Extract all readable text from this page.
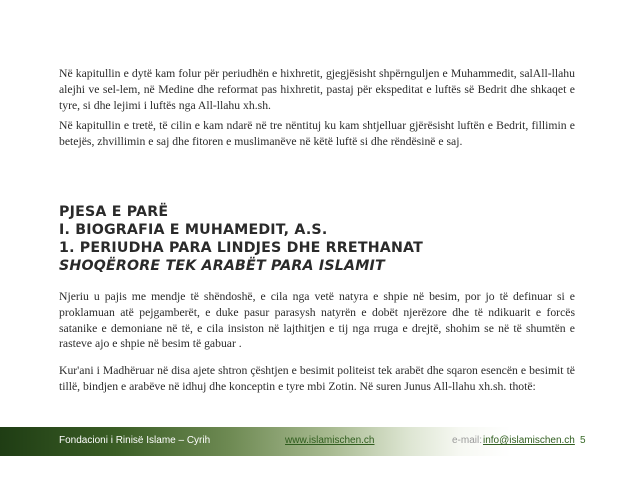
Në kapitullin e dytë kam folur për periudhën e hixhretit, gjegjësisht shpërnguljen e Muhammedit, salAll-llahu alejhi ve sel-lem, në Medine dhe reformat pas hixhretit, pastaj për ekspeditat e luftës së Bedrit dhe shkaqet e tyre, si dhe lejimi i luftës nga All-llahu xh.sh.

Në kapitullin e tretë, të cilin e kam ndarë në tre nëntituj ku kam shtjelluar gjërësisht luftën e Bedrit, fillimin e betejës, zhvillimin e saj dhe fitoren e muslimanëve në këtë luftë si dhe rëndësinë e saj.

PJESA E PARË
I. BIOGRAFIA E MUHAMEDIT, A.S.
1. PERIUDHA PARA LINDJES DHE RRETHANAT
SHOQËRORE TEK ARABËT PARA ISLAMIT

Njeriu u pajis me mendje të shëndoshë, e cila nga vetë natyra e shpie në besim, por jo të definuar si e proklamuan atë pejgamberët, e duke pasur parasysh natyrën e dobët njerëzore dhe të ndikuarit e forcës satanike e demoniane në të, e cila insiston në lajthitjen e tij nga rruga e drejtë, shohim se në të shumtën e rasteve ajo e shpie në besim të gabuar .

Kur'ani i Madhëruar në disa ajete shtron çështjen e besimit politeist tek arabët dhe sqaron esencën e besimit të tillë, bindjen e arabëve në idhuj dhe konceptin e tyre mbi Zotin. Në suren Junus All-llahu xh.sh. thotë:

Fondacioni i Rinisë Islame – Cyrih	www.islamischen.ch	e-mail: info@islamischen.ch 5
